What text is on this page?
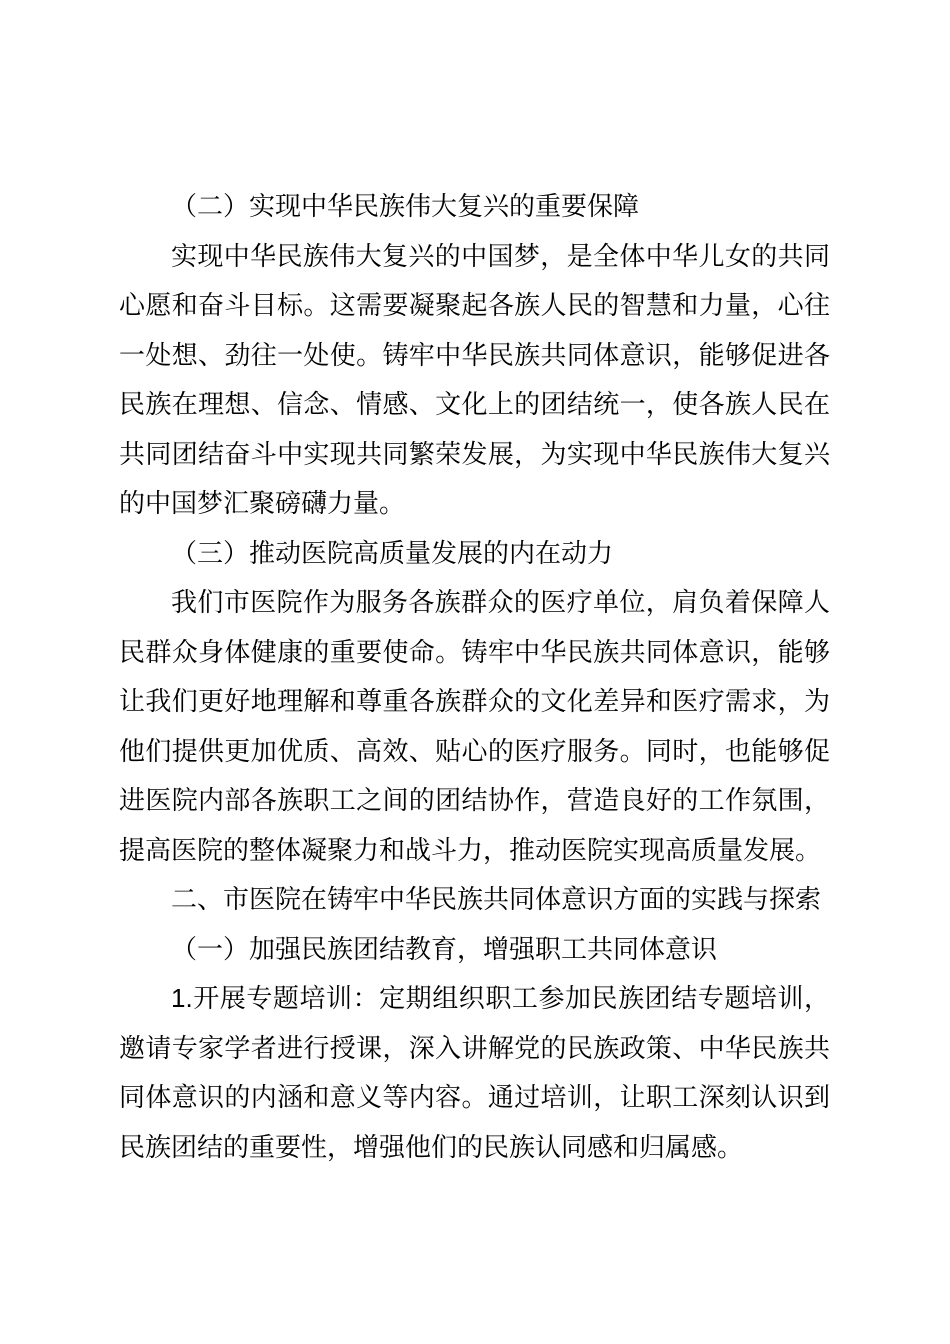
（二）实现中华民族伟大复兴的重要保障
实现中华民族伟大复兴的中国梦，是全体中华儿女的共同
心愿和奋斗目标。这需要凝聚起各族人民的智慧和力量，心往
一处想、劲往一处使。铸牢中华民族共同体意识，能够促进各
民族在理想、信念、情感、文化上的团结统一，使各族人民在
共同团结奋斗中实现共同繁荣发展，为实现中华民族伟大复兴
的中国梦汇聚磅礴力量。
（三）推动医院高质量发展的内在动力
我们市医院作为服务各族群众的医疗单位，肩负着保障人
民群众身体健康的重要使命。铸牢中华民族共同体意识，能够
让我们更好地理解和尊重各族群众的文化差异和医疗需求，为
他们提供更加优质、高效、贴心的医疗服务。同时，也能够促
进医院内部各族职工之间的团结协作，营造良好的工作氛围，
提高医院的整体凝聚力和战斗力，推动医院实现高质量发展。
二、市医院在铸牢中华民族共同体意识方面的实践与探索
（一）加强民族团结教育，增强职工共同体意识
1.开展专题培训：定期组织职工参加民族团结专题培训，
邀请专家学者进行授课，深入讲解党的民族政策、中华民族共
同体意识的内涵和意义等内容。通过培训，让职工深刻认识到
民族团结的重要性，增强他们的民族认同感和归属感。
